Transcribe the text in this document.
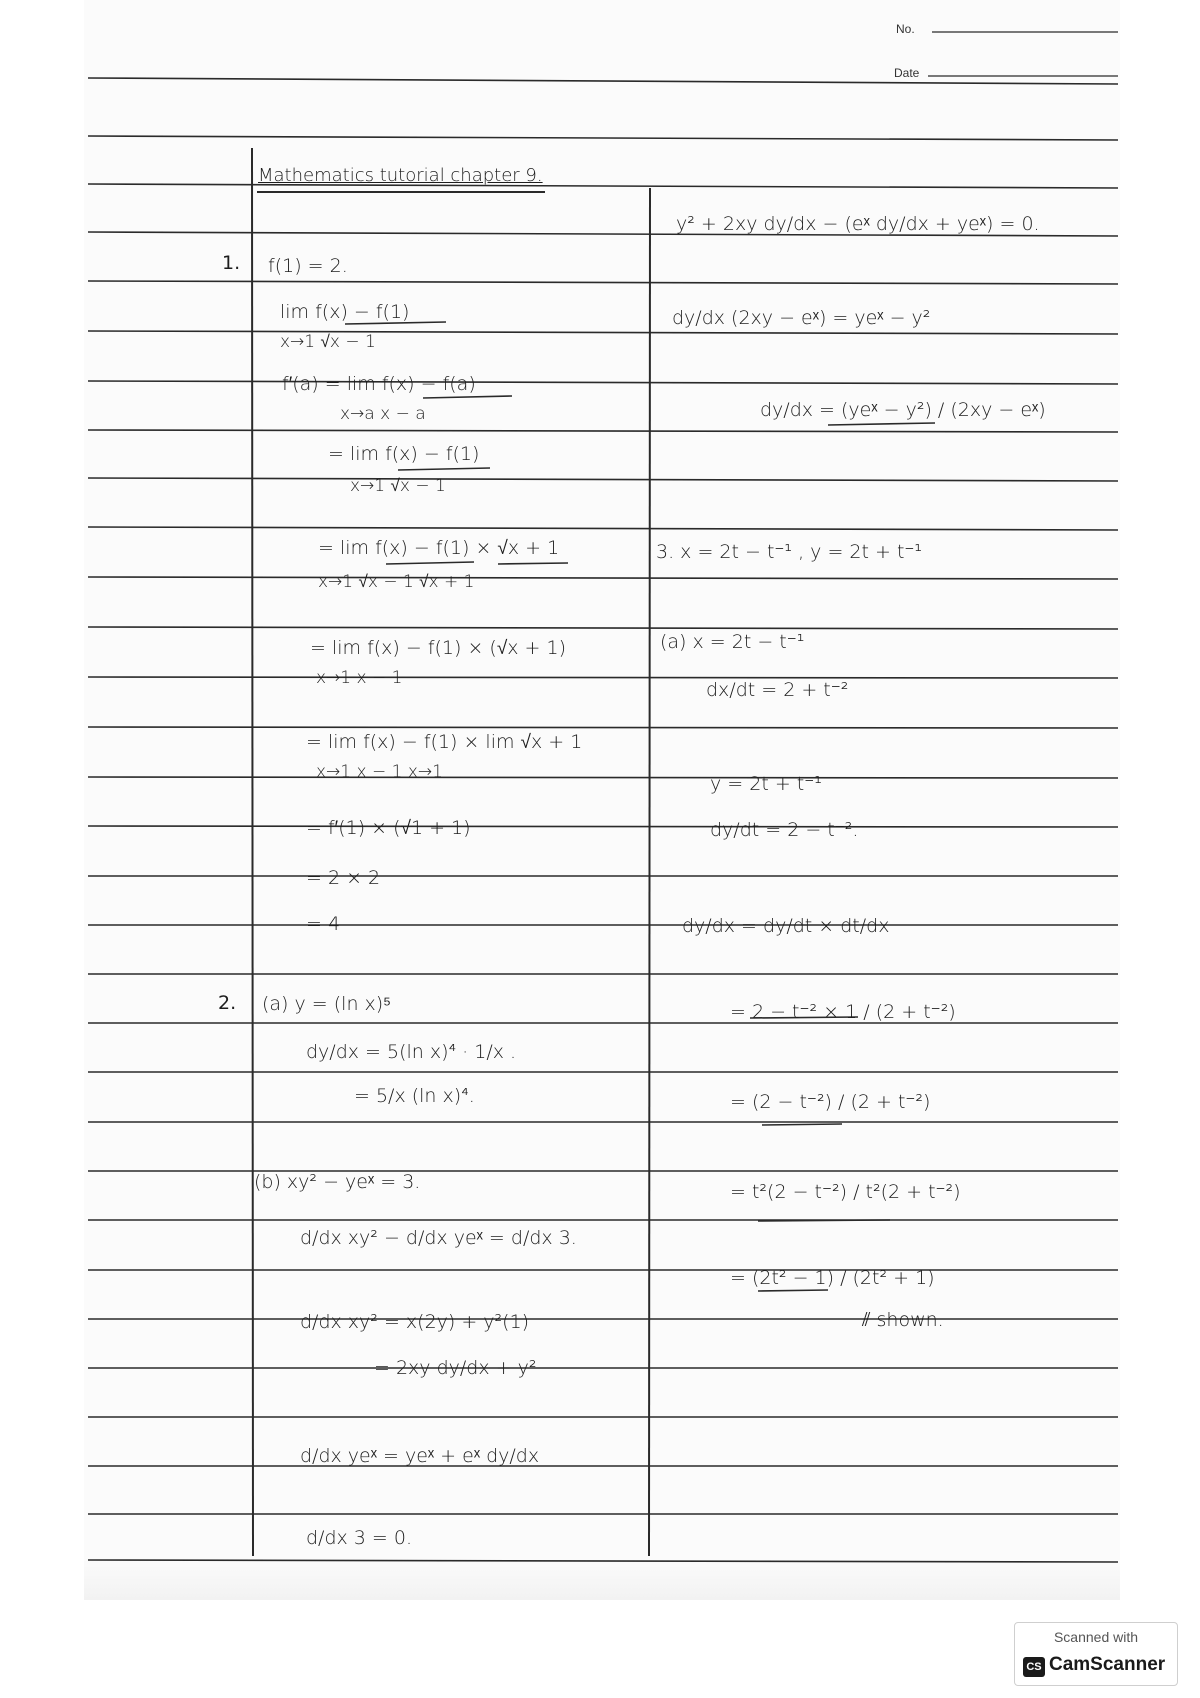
No.
Date
Mathematics tutorial chapter 9.
1.
2.
f(1) = 2.
lim f(x) − f(1)
x→1 √x − 1
f′(a) = lim f(x) − f(a)
x→a x − a
= lim f(x) − f(1)
x→1 √x − 1
= lim f(x) − f(1) × √x + 1
x→1 √x − 1 √x + 1
= lim f(x) − f(1) × (√x + 1)
x→1 x − 1
= lim f(x) − f(1) × lim √x + 1
x→1 x − 1 x→1
= f′(1) × (√1 + 1)
= 2 × 2
= 4
(a) y = (ln x)⁵
dy/dx = 5(ln x)⁴ · 1/x .
= 5/x (ln x)⁴.
(b) xy² − yeˣ = 3.
d/dx xy² − d/dx yeˣ = d/dx 3.
d/dx xy² = x(2y) + y²(1)
= 2xy dy/dx + y²
d/dx yeˣ = yeˣ + eˣ dy/dx
d/dx 3 = 0.
y² + 2xy dy/dx − (eˣ dy/dx + yeˣ) = 0.
dy/dx (2xy − eˣ) = yeˣ − y²
dy/dx = (yeˣ − y²) / (2xy − eˣ)
3. x = 2t − t⁻¹ , y = 2t + t⁻¹
(a) x = 2t − t⁻¹
dx/dt = 2 + t⁻²
y = 2t + t⁻¹
dy/dt = 2 − t⁻².
dy/dx = dy/dt × dt/dx
= 2 − t⁻² × 1 / (2 + t⁻²)
= (2 − t⁻²) / (2 + t⁻²)
= t²(2 − t⁻²) / t²(2 + t⁻²)
= (2t² − 1) / (2t² + 1)
⫽ shown.
Scanned with
CS CamScanner
